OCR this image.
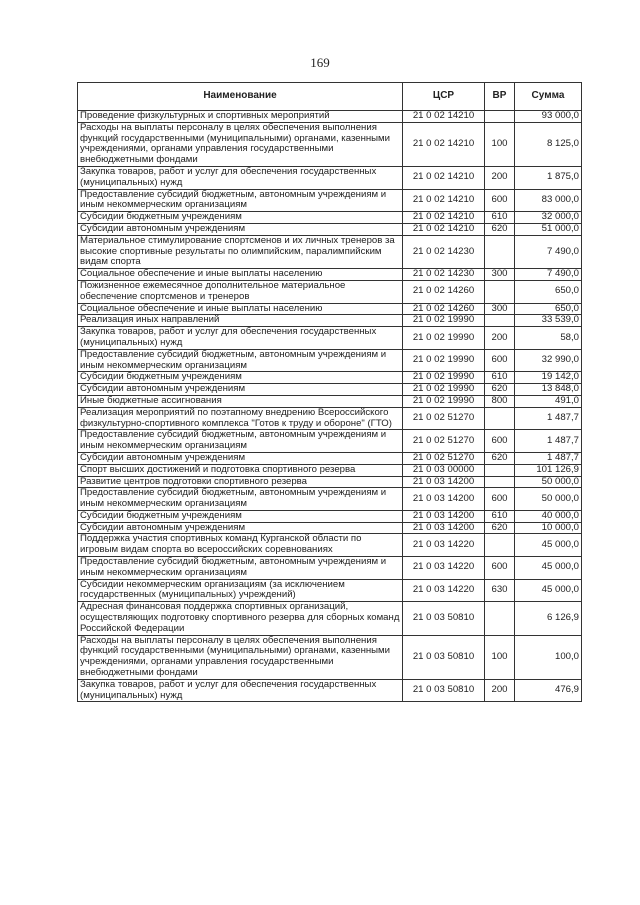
169
Наименование	ЦСР	ВР	Сумма
Проведение физкультурных и спортивных мероприятий	21 0 02 14210		93 000,0
Расходы на выплаты персоналу в целях обеспечения выполнения функций государственными (муниципальными) органами, казенными учреждениями, органами управления государственными внебюджетными фондами	21 0 02 14210	100	8 125,0
Закупка товаров, работ и услуг для обеспечения государственных (муниципальных) нужд	21 0 02 14210	200	1 875,0
Предоставление субсидий бюджетным, автономным учреждениям и иным некоммерческим организациям	21 0 02 14210	600	83 000,0
Субсидии бюджетным учреждениям	21 0 02 14210	610	32 000,0
Субсидии автономным учреждениям	21 0 02 14210	620	51 000,0
Материальное стимулирование спортсменов и их личных тренеров за высокие спортивные результаты по олимпийским, паралимпийским видам спорта	21 0 02 14230		7 490,0
Социальное обеспечение и иные выплаты населению	21 0 02 14230	300	7 490,0
Пожизненное ежемесячное дополнительное материальное обеспечение спортсменов и тренеров	21 0 02 14260		650,0
Социальное обеспечение и иные выплаты населению	21 0 02 14260	300	650,0
Реализация иных направлений	21 0 02 19990		33 539,0
Закупка товаров, работ и услуг для обеспечения государственных (муниципальных) нужд	21 0 02 19990	200	58,0
Предоставление субсидий бюджетным, автономным учреждениям и иным некоммерческим организациям	21 0 02 19990	600	32 990,0
Субсидии бюджетным учреждениям	21 0 02 19990	610	19 142,0
Субсидии автономным учреждениям	21 0 02 19990	620	13 848,0
Иные бюджетные ассигнования	21 0 02 19990	800	491,0
Реализация мероприятий по поэтапному внедрению Всероссийского физкультурно-спортивного комплекса "Готов к труду и обороне" (ГТО)	21 0 02 51270		1 487,7
Предоставление субсидий бюджетным, автономным учреждениям и иным некоммерческим организациям	21 0 02 51270	600	1 487,7
Субсидии автономным учреждениям	21 0 02 51270	620	1 487,7
Спорт высших достижений и подготовка спортивного резерва	21 0 03 00000		101 126,9
Развитие центров подготовки спортивного резерва	21 0 03 14200		50 000,0
Предоставление субсидий бюджетным, автономным учреждениям и иным некоммерческим организациям	21 0 03 14200	600	50 000,0
Субсидии бюджетным учреждениям	21 0 03 14200	610	40 000,0
Субсидии автономным учреждениям	21 0 03 14200	620	10 000,0
Поддержка участия спортивных команд Курганской области по игровым видам спорта во всероссийских соревнованиях	21 0 03 14220		45 000,0
Предоставление субсидий бюджетным, автономным учреждениям и иным некоммерческим организациям	21 0 03 14220	600	45 000,0
Субсидии некоммерческим организациям (за исключением государственных (муниципальных) учреждений)	21 0 03 14220	630	45 000,0
Адресная финансовая поддержка спортивных организаций, осуществляющих подготовку спортивного резерва для сборных команд Российской Федерации	21 0 03 50810		6 126,9
Расходы на выплаты персоналу в целях обеспечения выполнения функций государственными (муниципальными) органами, казенными учреждениями, органами управления государственными внебюджетными фондами	21 0 03 50810	100	100,0
Закупка товаров, работ и услуг для обеспечения государственных (муниципальных) нужд	21 0 03 50810	200	476,9
